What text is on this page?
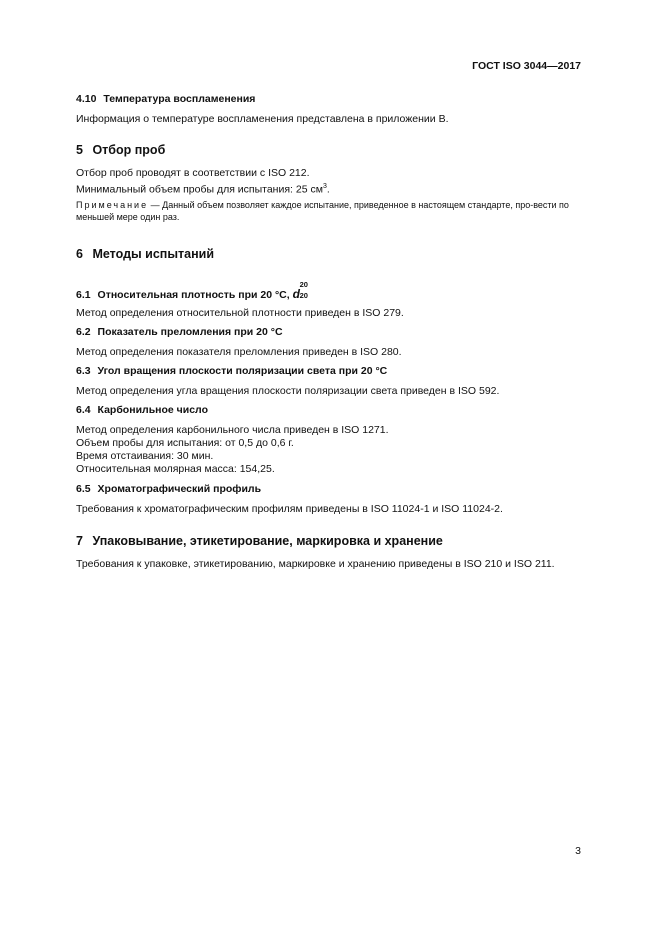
ГОСТ ISO 3044—2017
4.10 Температура воспламенения
Информация о температуре воспламенения представлена в приложении В.
5 Отбор проб
Отбор проб проводят в соответствии с ISO 212.
Минимальный объем пробы для испытания: 25 $см^3$.
Примечание — Данный объем позволяет каждое испытание, приведенное в настоящем стандарте, про-вести по меньшей мере один раз.
6 Методы испытаний
6.1 Относительная плотность при 20 °С, d
20
20
Метод определения относительной плотности приведен в ISO 279.
6.2 Показатель преломления при 20 °С
Метод определения показателя преломления приведен в ISO 280.
6.3 Угол вращения плоскости поляризации света при 20 °С
Метод определения угла вращения плоскости поляризации света приведен в ISO 592.
6.4 Карбонильное число
Метод определения карбонильного числа приведен в ISO 1271.
Объем пробы для испытания: от 0,5 до 0,6 г.
Время отстаивания: 30 мин.
Относительная молярная масса: 154,25.
6.5 Хроматографический профиль
Требования к хроматографическим профилям приведены в ISO 11024-1 и ISO 11024-2.
7 Упаковывание, этикетирование, маркировка и хранение
Требования к упаковке, этикетированию, маркировке и хранению приведены в ISO 210 и ISO 211.
3
